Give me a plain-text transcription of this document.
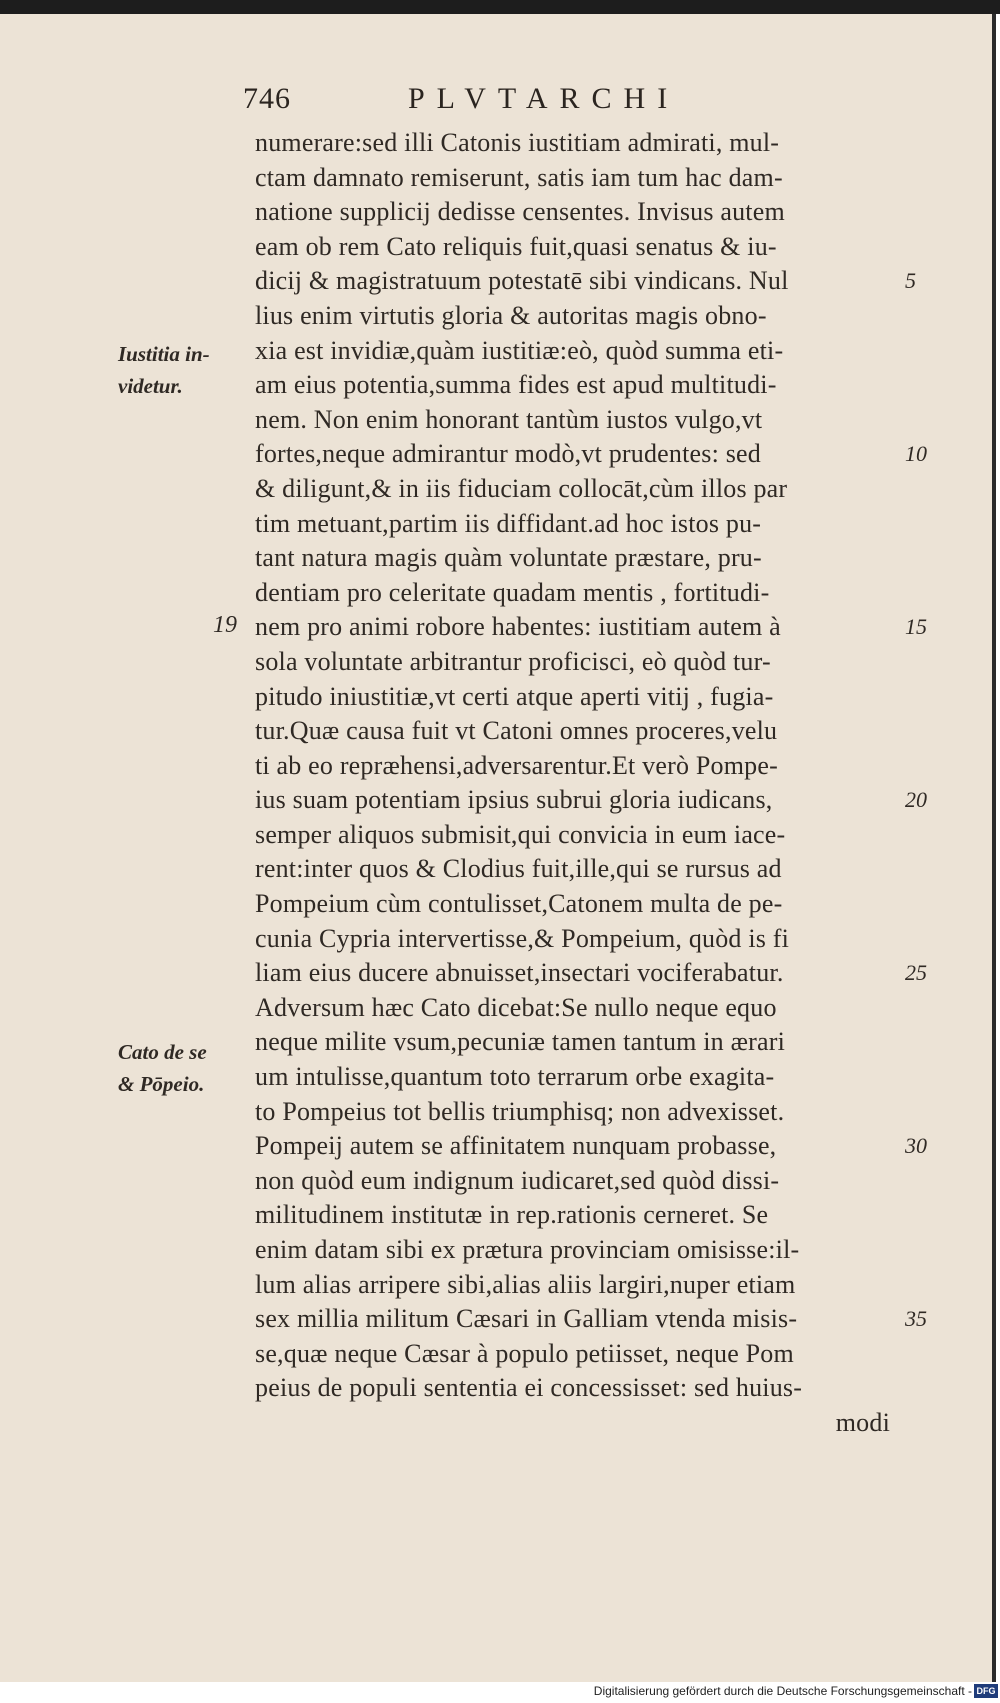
746	PLVTARCHI
numerare:sed illi Catonis iustitiam admirati, mul-
ctam damnato remiserunt, satis iam tum hac dam-
natione supplicij dedisse censentes. Invisus autem
eam ob rem Cato reliquis fuit,quasi senatus & iu-
dicij & magistratuum potestatē sibi vindicans. Nul
lius enim virtutis gloria & autoritas magis obno-
xia est invidiæ,quàm iustitiæ:eò, quòd summa eti-
am eius potentia,summa fides est apud multitudi-
nem. Non enim honorant tantùm iustos vulgo,vt
fortes,neque admirantur modò,vt prudentes: sed
& diligunt,& in iis fiduciam collocāt,cùm illos par
tim metuant,partim iis diffidant.ad hoc istos pu-
tant natura magis quàm voluntate præstare, pru-
dentiam pro celeritate quadam mentis , fortitudi-
nem pro animi robore habentes: iustitiam autem à
sola voluntate arbitrantur proficisci, eò quòd tur-
pitudo iniustitiæ,vt certi atque aperti vitij , fugia-
tur.Quæ causa fuit vt Catoni omnes proceres,velu
ti ab eo repræhensi,adversarentur.Et verò Pompe-
ius suam potentiam ipsius subrui gloria iudicans,
semper aliquos submisit,qui convicia in eum iace-
rent:inter quos & Clodius fuit,ille,qui se rursus ad
Pompeium cùm contulisset,Catonem multa de pe-
cunia Cypria intervertisse,& Pompeium, quòd is fi
liam eius ducere abnuisset,insectari vociferabatur.
Adversum hæc Cato dicebat:Se nullo neque equo
neque milite vsum,pecuniæ tamen tantum in ærari
um intulisse,quantum toto terrarum orbe exagita-
to Pompeius tot bellis triumphisq; non advexisset.
Pompeij autem se affinitatem nunquam probasse,
non quòd eum indignum iudicaret,sed quòd dissi-
militudinem institutæ in rep.rationis cerneret. Se
enim datam sibi ex prætura provinciam omisisse:il-
lum alias arripere sibi,alias aliis largiri,nuper etiam
sex millia militum Cæsari in Galliam vtenda misis-
se,quæ neque Cæsar à populo petiisset, neque Pom
peius de populi sententia ei concessisset: sed huius-
modi
5
10
15
20
25
30
35
Iustitia in-
videtur.
Cato de se
& Pōpeio.
19
Digitalisierung gefördert durch die Deutsche Forschungsgemeinschaft - DFG
